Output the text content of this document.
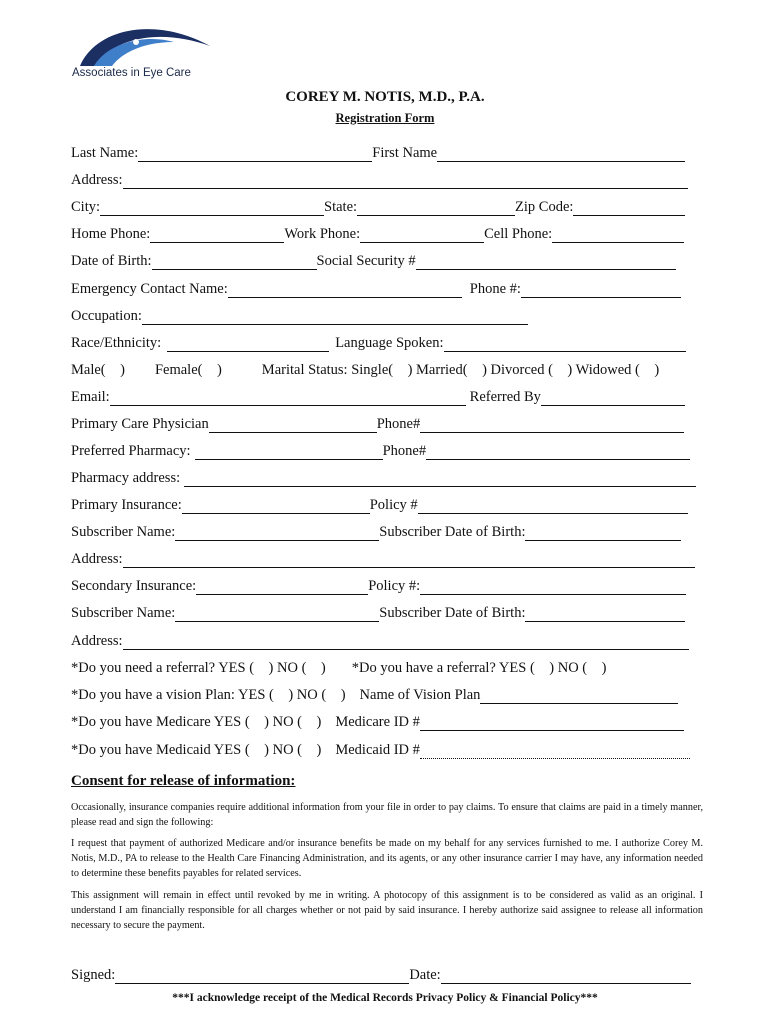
Associates in Eye Care
COREY M. NOTIS, M.D., P.A.
Registration Form
Last Name:	First Name
Address:
City:	State:	Zip Code:
Home Phone:	Work Phone:	Cell Phone:
Date of Birth:	Social Security #
Emergency Contact Name:	Phone #:
Occupation:
Race/Ethnicity:	Language Spoken:
Male(    ) Female(    )	Marital Status: Single(    ) Married(    ) Divorced (    ) Widowed (    )
Email:	Referred By
Primary Care Physician	Phone#
Preferred Pharmacy:	Phone#
Pharmacy address:
Primary Insurance:	Policy #
Subscriber Name:	Subscriber Date of Birth:
Address:
Secondary Insurance:	Policy #:
Subscriber Name:	Subscriber Date of Birth:
Address:
*Do you need a referral? YES (    ) NO (    ) *Do you have a referral? YES (    ) NO (    )
*Do you have a vision Plan: YES (    ) NO (    ) Name of Vision Plan
*Do you have Medicare YES (    ) NO (    ) Medicare ID #
*Do you have Medicaid YES (    ) NO (    ) Medicaid ID #
Consent for release of information:

Occasionally, insurance companies require additional information from your file in order to pay claims. To ensure that claims are paid in a timely manner, please read and sign the following:

I request that payment of authorized Medicare and/or insurance benefits be made on my behalf for any services furnished to me. I authorize Corey M. Notis, M.D., PA to release to the Health Care Financing Administration, and its agents, or any other insurance carrier I may have, any information needed to determine these benefits payables for related services.

This assignment will remain in effect until revoked by me in writing. A photocopy of this assignment is to be considered as valid as an original. I understand I am financially responsible for all charges whether or not paid by said insurance. I hereby authorize said assignee to release all information necessary to secure the payment.

Signed:	Date:
***I acknowledge receipt of the Medical Records Privacy Policy & Financial Policy***
